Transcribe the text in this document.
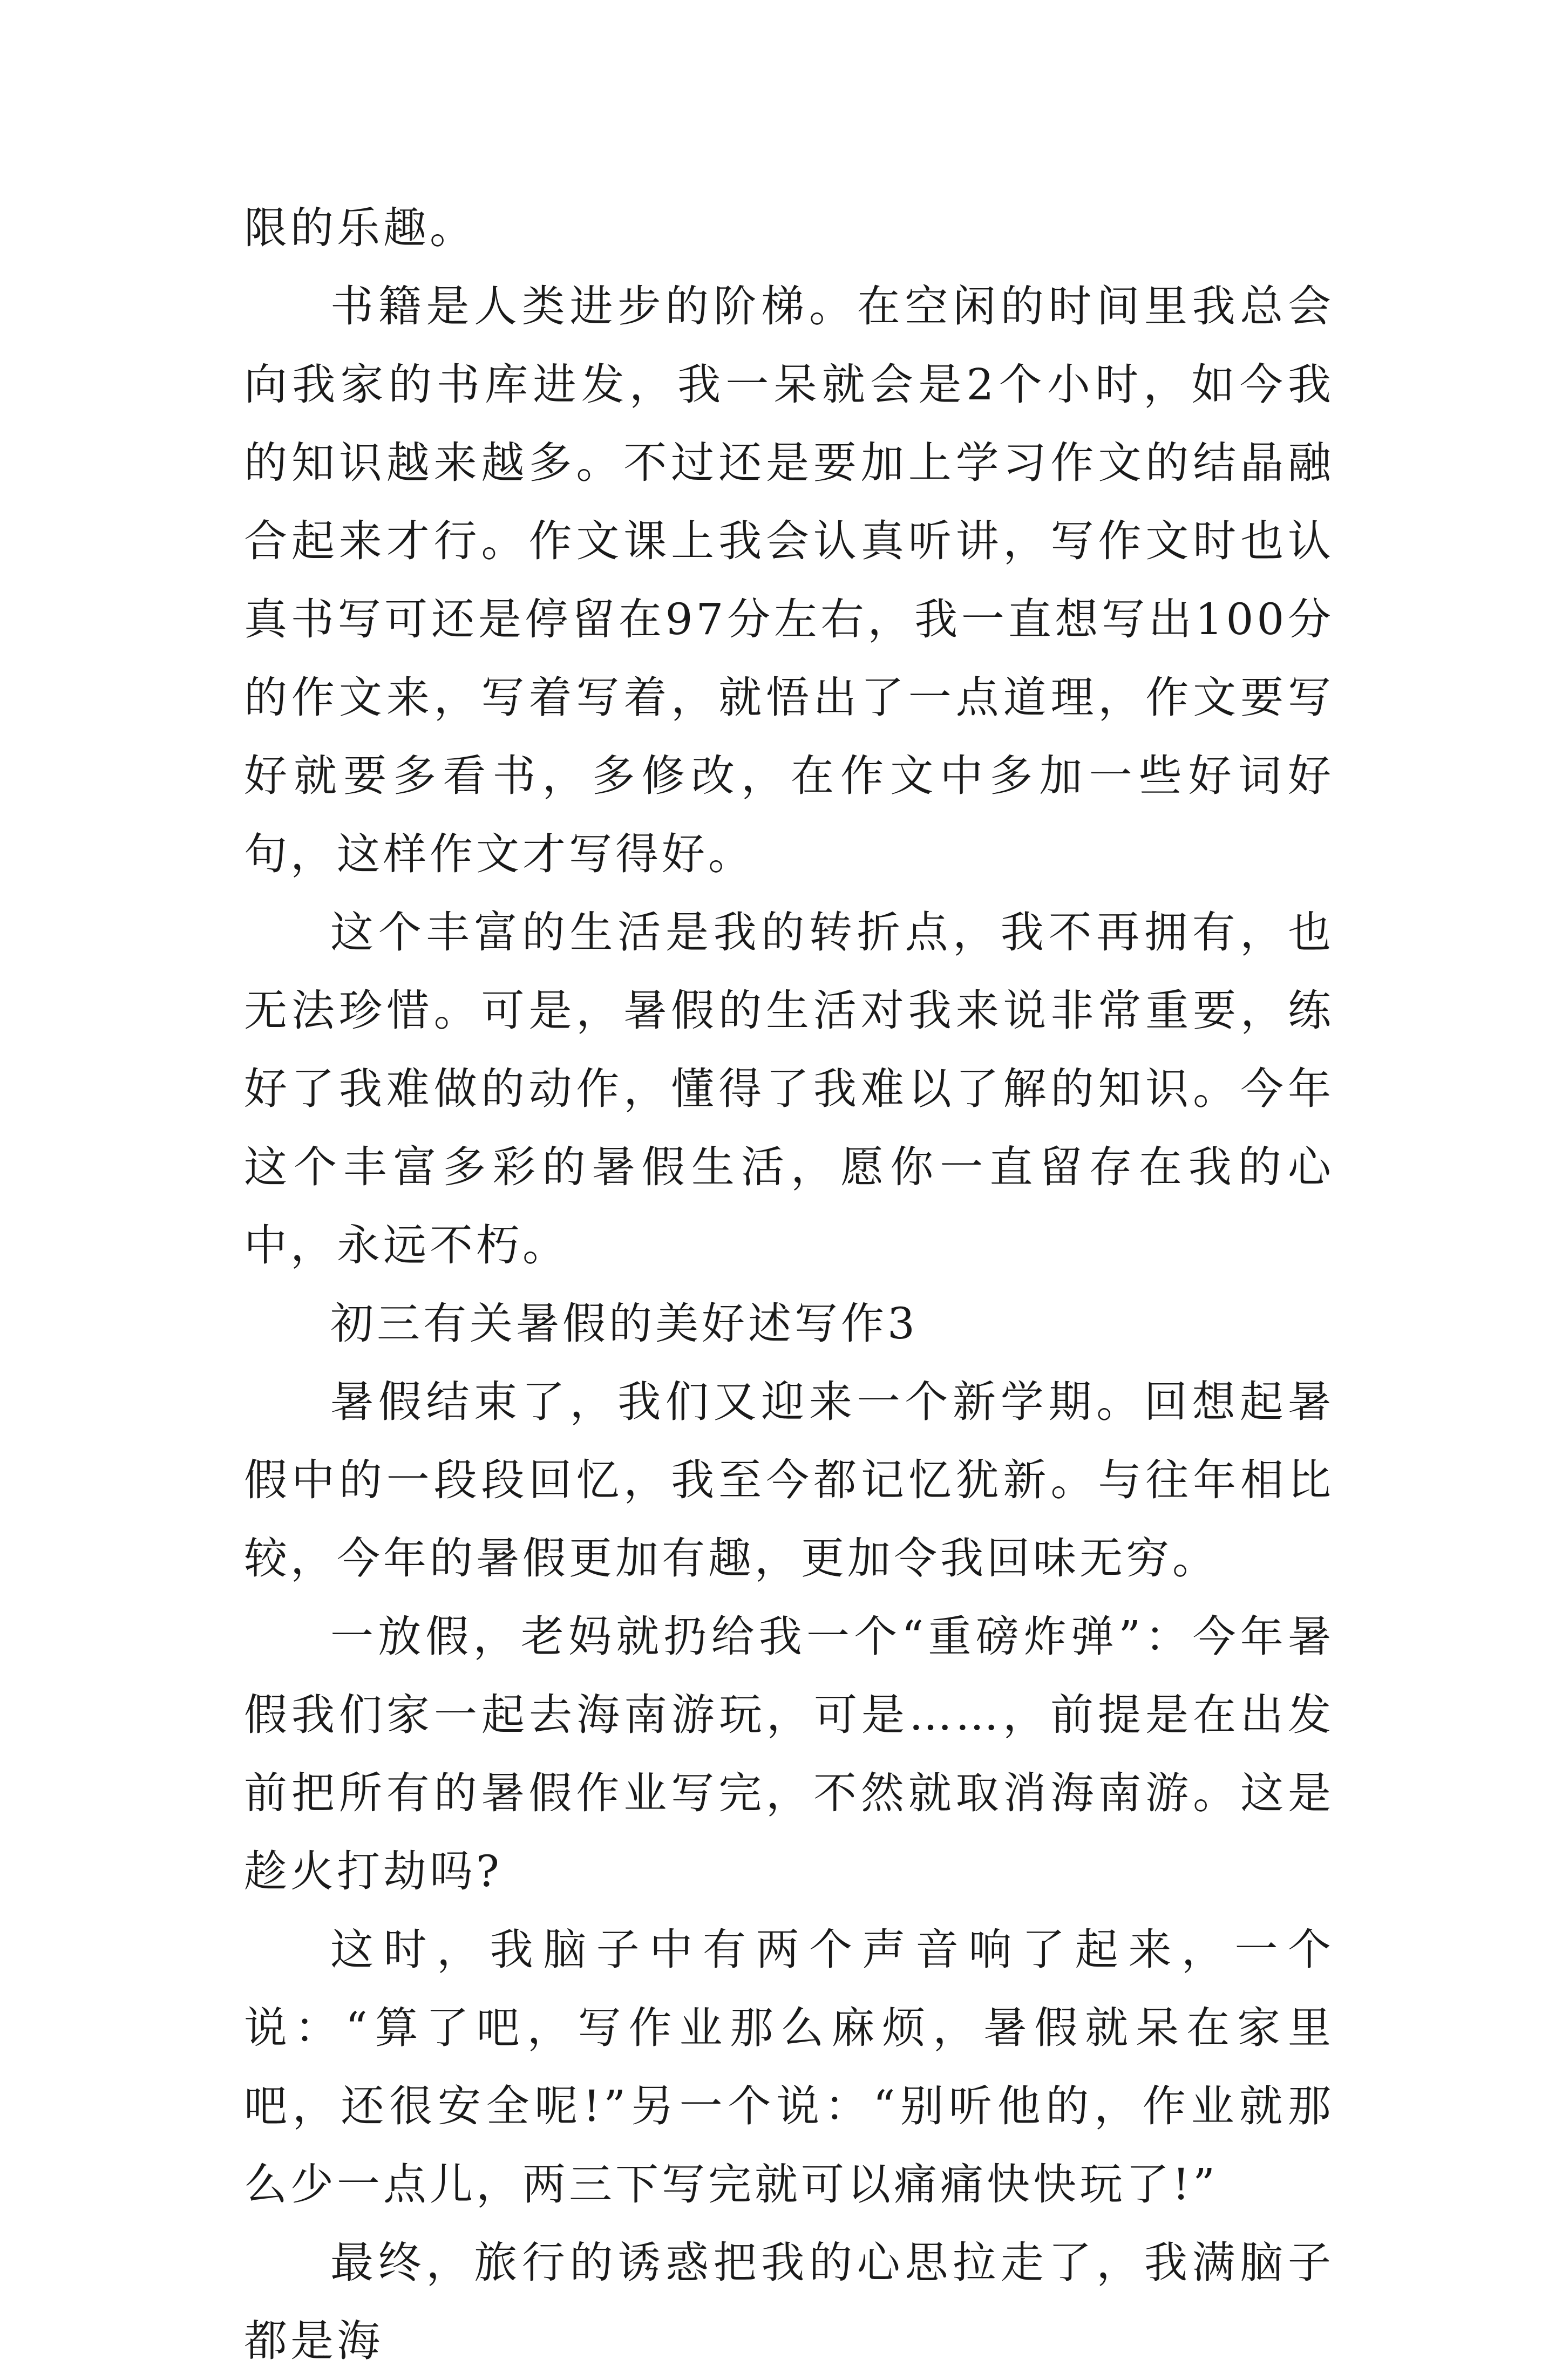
限的乐趣。

书籍是人类进步的阶梯。在空闲的时间里我总会向我家的书库进发，我一呆就会是2个小时，如今我的知识越来越多。不过还是要加上学习作文的结晶融合起来才行。作文课上我会认真听讲，写作文时也认真书写可还是停留在97分左右，我一直想写出100分的作文来，写着写着，就悟出了一点道理，作文要写好就要多看书，多修改，在作文中多加一些好词好句，这样作文才写得好。

这个丰富的生活是我的转折点，我不再拥有，也无法珍惜。可是，暑假的生活对我来说非常重要，练好了我难做的动作，懂得了我难以了解的知识。今年这个丰富多彩的暑假生活，愿你一直留存在我的心中，永远不朽。

初三有关暑假的美好述写作3

暑假结束了，我们又迎来一个新学期。回想起暑假中的一段段回忆，我至今都记忆犹新。与往年相比较，今年的暑假更加有趣，更加令我回味无穷。

一放假，老妈就扔给我一个“重磅炸弹”：今年暑假我们家一起去海南游玩，可是……，前提是在出发前把所有的暑假作业写完，不然就取消海南游。这是趁火打劫吗?

这时，我脑子中有两个声音响了起来，一个说：“算了吧，写作业那么麻烦，暑假就呆在家里吧，还很安全呢!”另一个说：“别听他的，作业就那么少一点儿，两三下写完就可以痛痛快快玩了!”

最终，旅行的诱惑把我的心思拉走了，我满脑子都是海
